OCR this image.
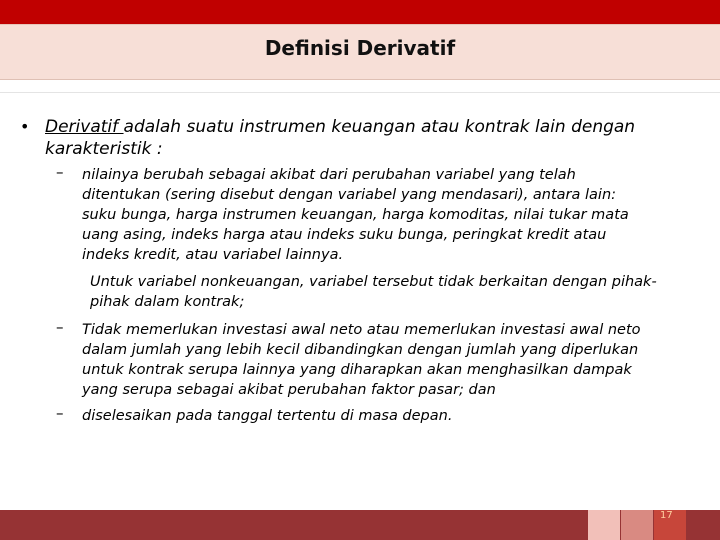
Definisi Derivatif
• Derivatif adalah suatu instrumen keuangan atau kontrak lain dengan karakteristik :
– nilainya berubah sebagai akibat dari perubahan variabel yang telah
ditentukan (sering disebut dengan variabel yang mendasari), antara lain:
suku bunga, harga instrumen keuangan, harga komoditas, nilai tukar mata
uang asing, indeks harga atau indeks suku bunga, peringkat kredit atau
indeks kredit, atau variabel lainnya.
Untuk variabel nonkeuangan, variabel tersebut tidak berkaitan dengan pihak-
pihak dalam kontrak;
– Tidak memerlukan investasi awal neto atau memerlukan investasi awal neto
dalam jumlah yang lebih kecil dibandingkan dengan jumlah yang diperlukan
untuk kontrak serupa lainnya yang diharapkan akan menghasilkan dampak
yang serupa sebagai akibat perubahan faktor pasar; dan
– diselesaikan pada tanggal tertentu di masa depan.
17
